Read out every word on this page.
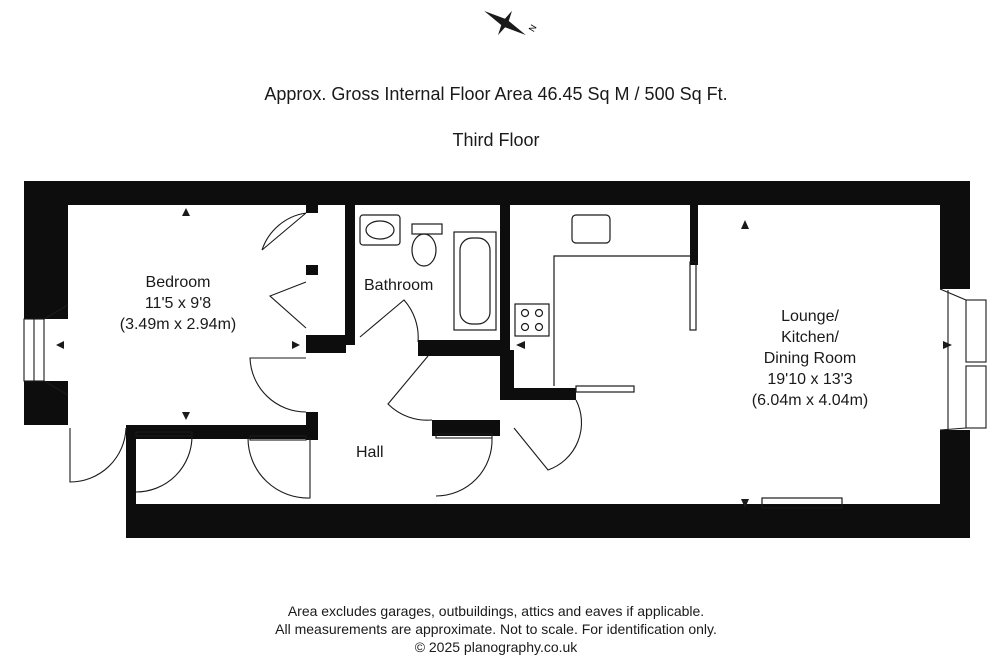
Approx. Gross Internal Floor Area 46.45 Sq M / 500 Sq Ft.
Third Floor
N
Bedroom
11'5 x 9'8
(3.49m x 2.94m)
Bathroom
Hall
Lounge/
Kitchen/
Dining Room
19'10 x 13'3
(6.04m x 4.04m)
Area excludes garages, outbuildings, attics and eaves if applicable.
All measurements are approximate. Not to scale. For identification only.
© 2025 planography.co.uk
